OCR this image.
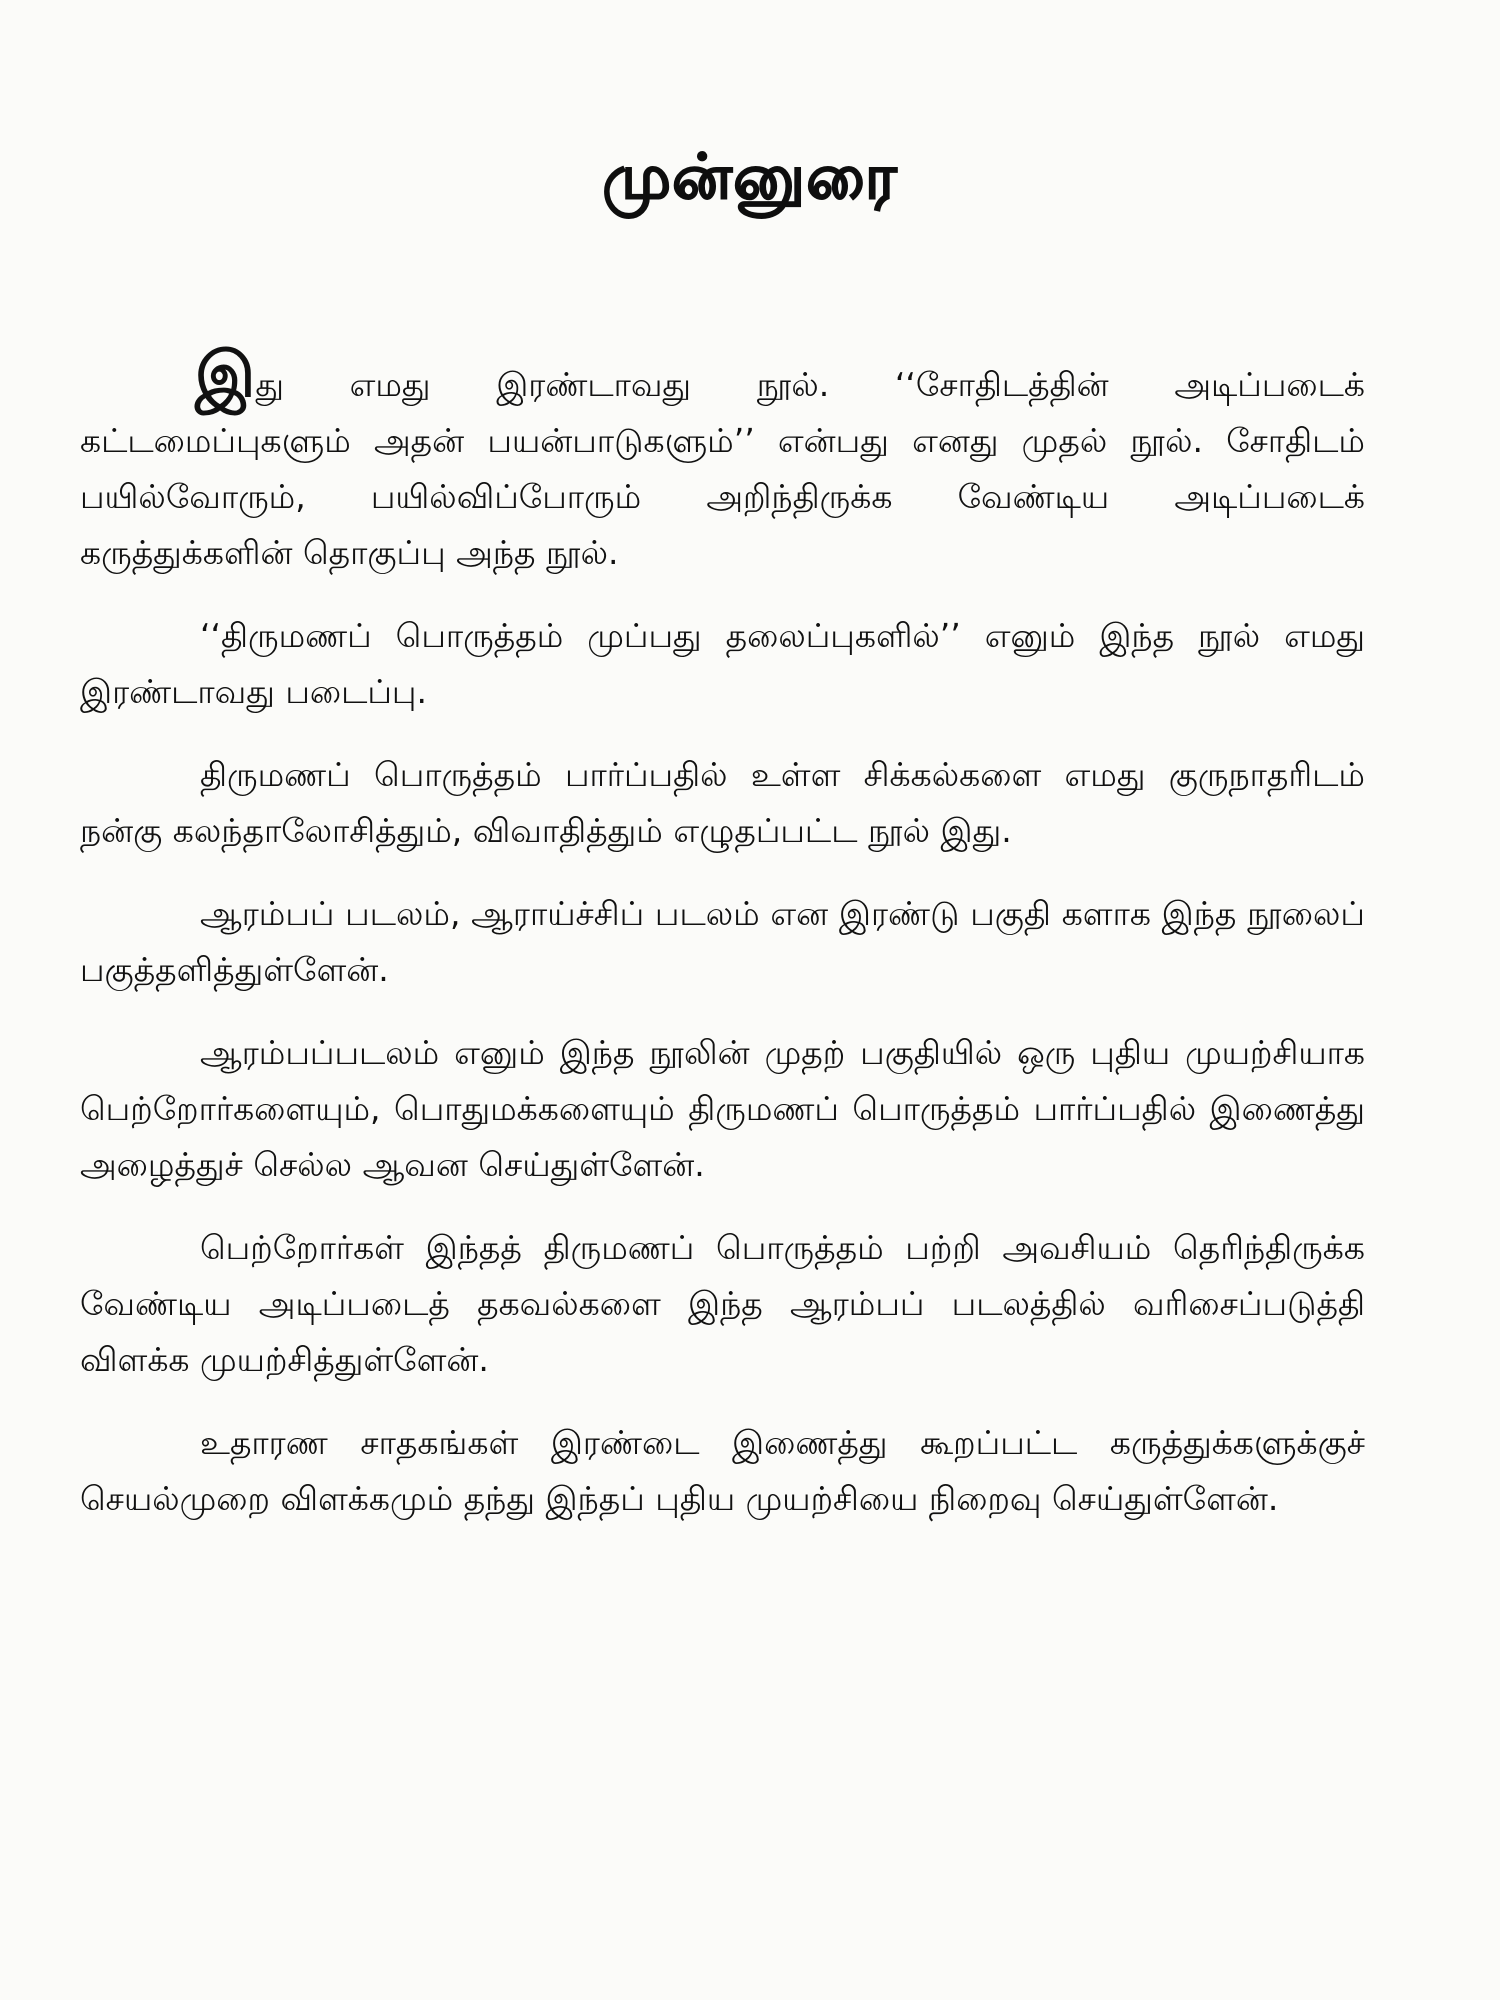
முன்னுரை

இது எமது இரண்டாவது நூல். ‘‘சோதிடத்தின் அடிப்படைக் கட்டமைப்புகளும் அதன் பயன்பாடுகளும்’’ என்பது எனது முதல் நூல். சோதிடம் பயில்வோரும், பயில்விப்போரும் அறிந்திருக்க வேண்டிய அடிப்படைக் கருத்துக்களின் தொகுப்பு அந்த நூல்.

‘‘திருமணப் பொருத்தம் முப்பது தலைப்புகளில்’’ எனும் இந்த நூல் எமது இரண்டாவது படைப்பு.

திருமணப் பொருத்தம் பார்ப்பதில் உள்ள சிக்கல்களை எமது குருநாதரிடம் நன்கு கலந்தாலோசித்தும், விவாதித்தும் எழுதப்பட்ட நூல் இது.

ஆரம்பப் படலம், ஆராய்ச்சிப் படலம் என இரண்டு பகுதி களாக இந்த நூலைப் பகுத்தளித்துள்ளேன்.

ஆரம்பப்படலம் எனும் இந்த நூலின் முதற் பகுதியில் ஒரு புதிய முயற்சியாக பெற்றோர்களையும், பொதுமக்களையும் திருமணப் பொருத்தம் பார்ப்பதில் இணைத்து அழைத்துச் செல்ல ஆவன செய்துள்ளேன்.

பெற்றோர்கள் இந்தத் திருமணப் பொருத்தம் பற்றி அவசியம் தெரிந்திருக்க வேண்டிய அடிப்படைத் தகவல்களை இந்த ஆரம்பப் படலத்தில் வரிசைப்படுத்தி விளக்க முயற்சித்துள்ளேன்.

உதாரண சாதகங்கள் இரண்டை இணைத்து கூறப்பட்ட கருத்துக்களுக்குச் செயல்முறை விளக்கமும் தந்து இந்தப் புதிய முயற்சியை நிறைவு செய்துள்ளேன்.
